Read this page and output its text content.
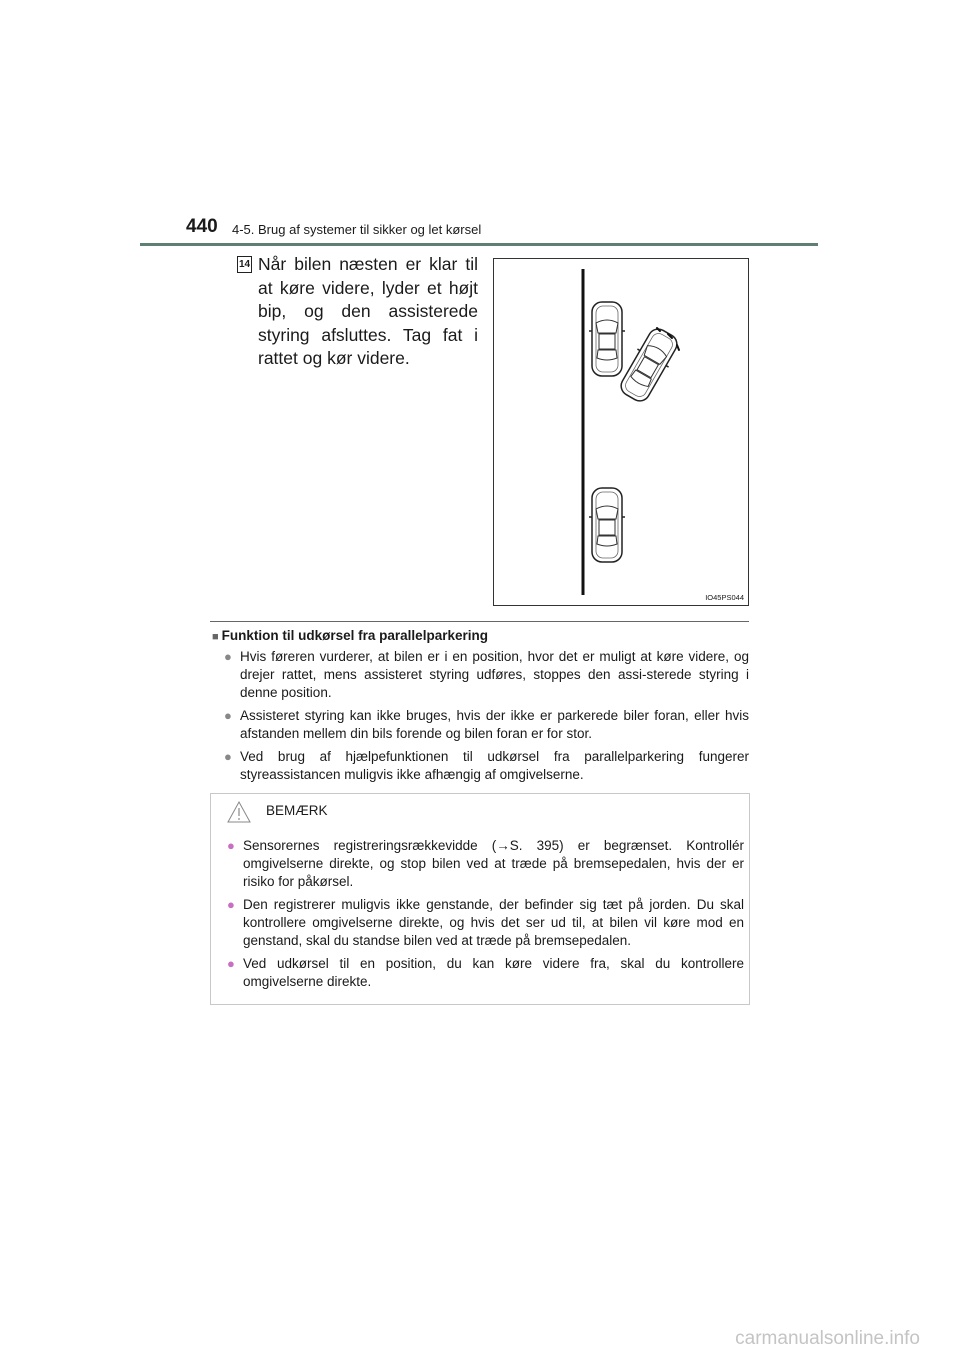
440 4-5. Brug af systemer til sikker og let kørsel
14 Når bilen næsten er klar til at køre videre, lyder et højt bip, og den assisterede styring afsluttes. Tag fat i rattet og kør videre.
IO45PS044
■ Funktion til udkørsel fra parallelparkering
● Hvis føreren vurderer, at bilen er i en position, hvor det er muligt at køre videre, og drejer rattet, mens assisteret styring udføres, stoppes den assi-sterede styring i denne position.
● Assisteret styring kan ikke bruges, hvis der ikke er parkerede biler foran, eller hvis afstanden mellem din bils forende og bilen foran er for stor.
● Ved brug af hjælpefunktionen til udkørsel fra parallelparkering fungerer styreassistancen muligvis ikke afhængig af omgivelserne.
BEMÆRK
● Sensorernes registreringsrækkevidde (→S. 395) er begrænset. Kontrollér omgivelserne direkte, og stop bilen ved at træde på bremsepedalen, hvis der er risiko for påkørsel.
● Den registrerer muligvis ikke genstande, der befinder sig tæt på jorden. Du skal kontrollere omgivelserne direkte, og hvis det ser ud til, at bilen vil køre mod en genstand, skal du standse bilen ved at træde på bremsepedalen.
● Ved udkørsel til en position, du kan køre videre fra, skal du kontrollere omgivelserne direkte.
carmanualsonline.info
